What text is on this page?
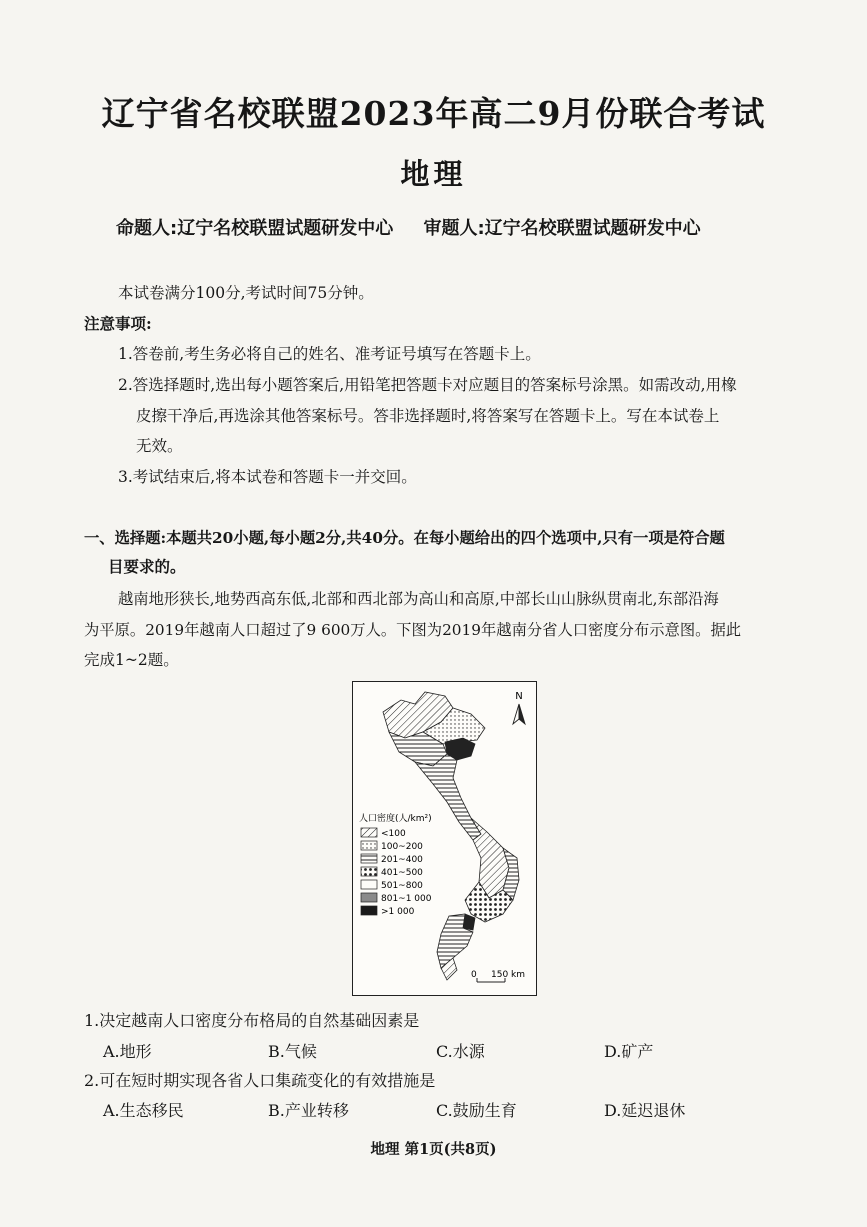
辽宁省名校联盟2023年高二9月份联合考试
地理
命题人:辽宁名校联盟试题研发中心 审题人:辽宁名校联盟试题研发中心
本试卷满分100分,考试时间75分钟。
注意事项:
1.答卷前,考生务必将自己的姓名、准考证号填写在答题卡上。
2.答选择题时,选出每小题答案后,用铅笔把答题卡对应题目的答案标号涂黑。如需改动,用橡
皮擦干净后,再选涂其他答案标号。答非选择题时,将答案写在答题卡上。写在本试卷上
无效。
3.考试结束后,将本试卷和答题卡一并交回。
一、选择题:本题共20小题,每小题2分,共40分。在每小题给出的四个选项中,只有一项是符合题
目要求的。
越南地形狭长,地势西高东低,北部和西北部为高山和高原,中部长山山脉纵贯南北,东部沿海
为平原。2019年越南人口超过了9 600万人。下图为2019年越南分省人口密度分布示意图。据此
完成1~2题。
N
人口密度(人/km²)
<100
100~200
201~400
401~500
501~800
801~1 000
>1 000
0 150 km
1.决定越南人口密度分布格局的自然基础因素是
A.地形	B.气候	C.水源	D.矿产
2.可在短时期实现各省人口集疏变化的有效措施是
A.生态移民	B.产业转移	C.鼓励生育	D.延迟退休
地理 第1页(共8页)
